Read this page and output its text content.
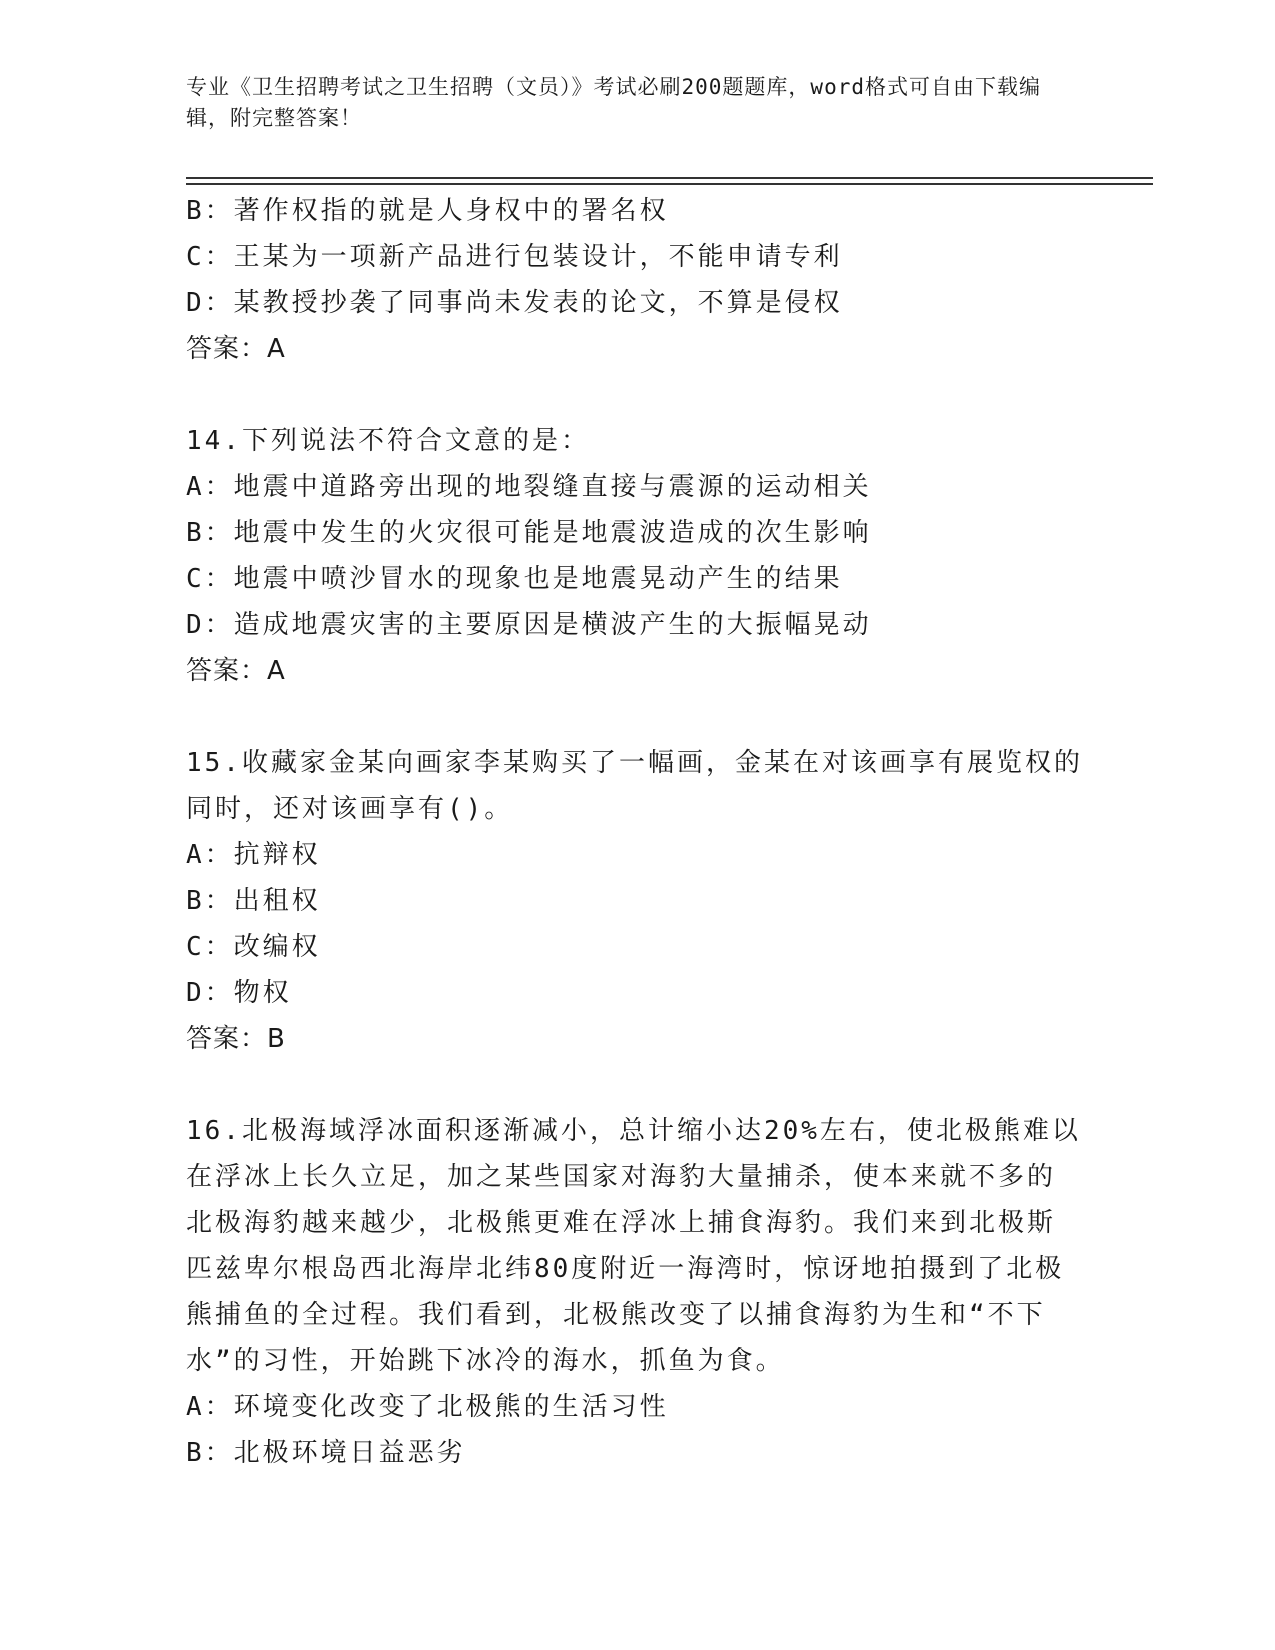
专业《卫生招聘考试之卫生招聘（文员）》考试必刷200题题库，word格式可自由下载编辑，附完整答案！
B：著作权指的就是人身权中的署名权
C：王某为一项新产品进行包装设计，不能申请专利
D：某教授抄袭了同事尚未发表的论文，不算是侵权
答案：A
14.下列说法不符合文意的是：
A：地震中道路旁出现的地裂缝直接与震源的运动相关
B：地震中发生的火灾很可能是地震波造成的次生影响
C：地震中喷沙冒水的现象也是地震晃动产生的结果
D：造成地震灾害的主要原因是横波产生的大振幅晃动
答案：A
15.收藏家金某向画家李某购买了一幅画，金某在对该画享有展览权的
同时，还对该画享有()。
A：抗辩权
B：出租权
C：改编权
D：物权
答案：B
16.北极海域浮冰面积逐渐减小，总计缩小达20%左右，使北极熊难以
在浮冰上长久立足，加之某些国家对海豹大量捕杀，使本来就不多的
北极海豹越来越少，北极熊更难在浮冰上捕食海豹。我们来到北极斯
匹兹卑尔根岛西北海岸北纬80度附近一海湾时，惊讶地拍摄到了北极
熊捕鱼的全过程。我们看到，北极熊改变了以捕食海豹为生和“不下
水”的习性，开始跳下冰冷的海水，抓鱼为食。
A：环境变化改变了北极熊的生活习性
B：北极环境日益恶劣
